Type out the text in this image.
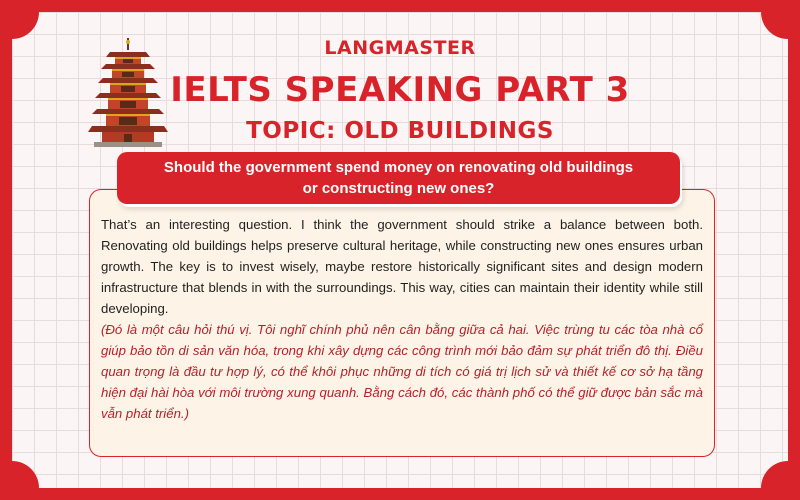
LANGMASTER
IELTS SPEAKING PART 3
TOPIC: OLD BUILDINGS
Should the government spend money on renovating old buildings
or constructing new ones?

That’s an interesting question. I think the government should strike a balance between both. Renovating old buildings helps preserve cultural heritage, while constructing new ones ensures urban growth. The key is to invest wisely, maybe restore historically significant sites and design modern infrastructure that blends in with the surroundings. This way, cities can maintain their identity while still developing.

(Đó là một câu hỏi thú vị. Tôi nghĩ chính phủ nên cân bằng giữa cả hai. Việc trùng tu các tòa nhà cổ giúp bảo tồn di sản văn hóa, trong khi xây dựng các công trình mới bảo đảm sự phát triển đô thị. Điều quan trọng là đầu tư hợp lý, có thể khôi phục những di tích có giá trị lịch sử và thiết kế cơ sở hạ tầng hiện đại hài hòa với môi trường xung quanh. Bằng cách đó, các thành phố có thể giữ được bản sắc mà vẫn phát triển.)
